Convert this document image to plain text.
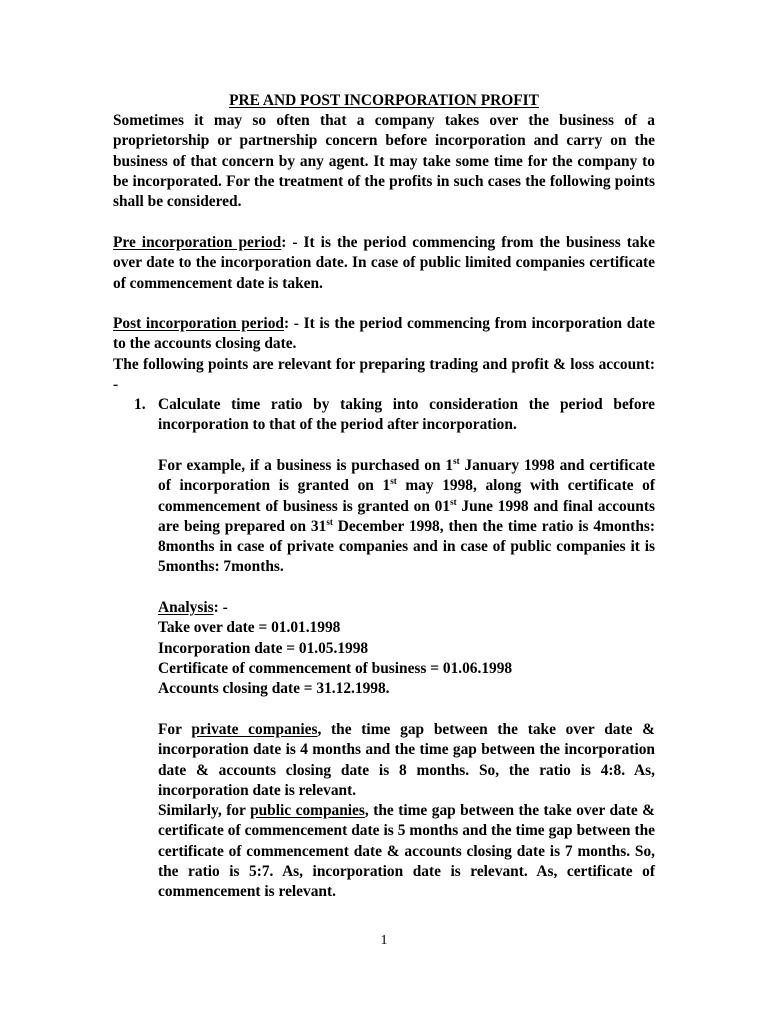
PRE AND POST INCORPORATION PROFIT
Sometimes it may so often that a company takes over the business of a proprietorship or partnership concern before incorporation and carry on the business of that concern by any agent. It may take some time for the company to be incorporated. For the treatment of the profits in such cases the following points shall be considered.
Pre incorporation period: - It is the period commencing from the business take over date to the incorporation date. In case of public limited companies certificate of commencement date is taken.
Post incorporation period: - It is the period commencing from incorporation date to the accounts closing date.
The following points are relevant for preparing trading and profit & loss account: -
1. Calculate time ratio by taking into consideration the period before incorporation to that of the period after incorporation.
For example, if a business is purchased on 1st January 1998 and certificate of incorporation is granted on 1st may 1998, along with certificate of commencement of business is granted on 01st June 1998 and final accounts are being prepared on 31st December 1998, then the time ratio is 4months: 8months in case of private companies and in case of public companies it is 5months: 7months.
Analysis: -
Take over date = 01.01.1998
Incorporation date = 01.05.1998
Certificate of commencement of business = 01.06.1998
Accounts closing date = 31.12.1998.
For private companies, the time gap between the take over date & incorporation date is 4 months and the time gap between the incorporation date & accounts closing date is 8 months. So, the ratio is 4:8. As, incorporation date is relevant.
Similarly, for public companies, the time gap between the take over date & certificate of commencement date is 5 months and the time gap between the certificate of commencement date & accounts closing date is 7 months. So, the ratio is 5:7. As, incorporation date is relevant. As, certificate of commencement is relevant.
1
